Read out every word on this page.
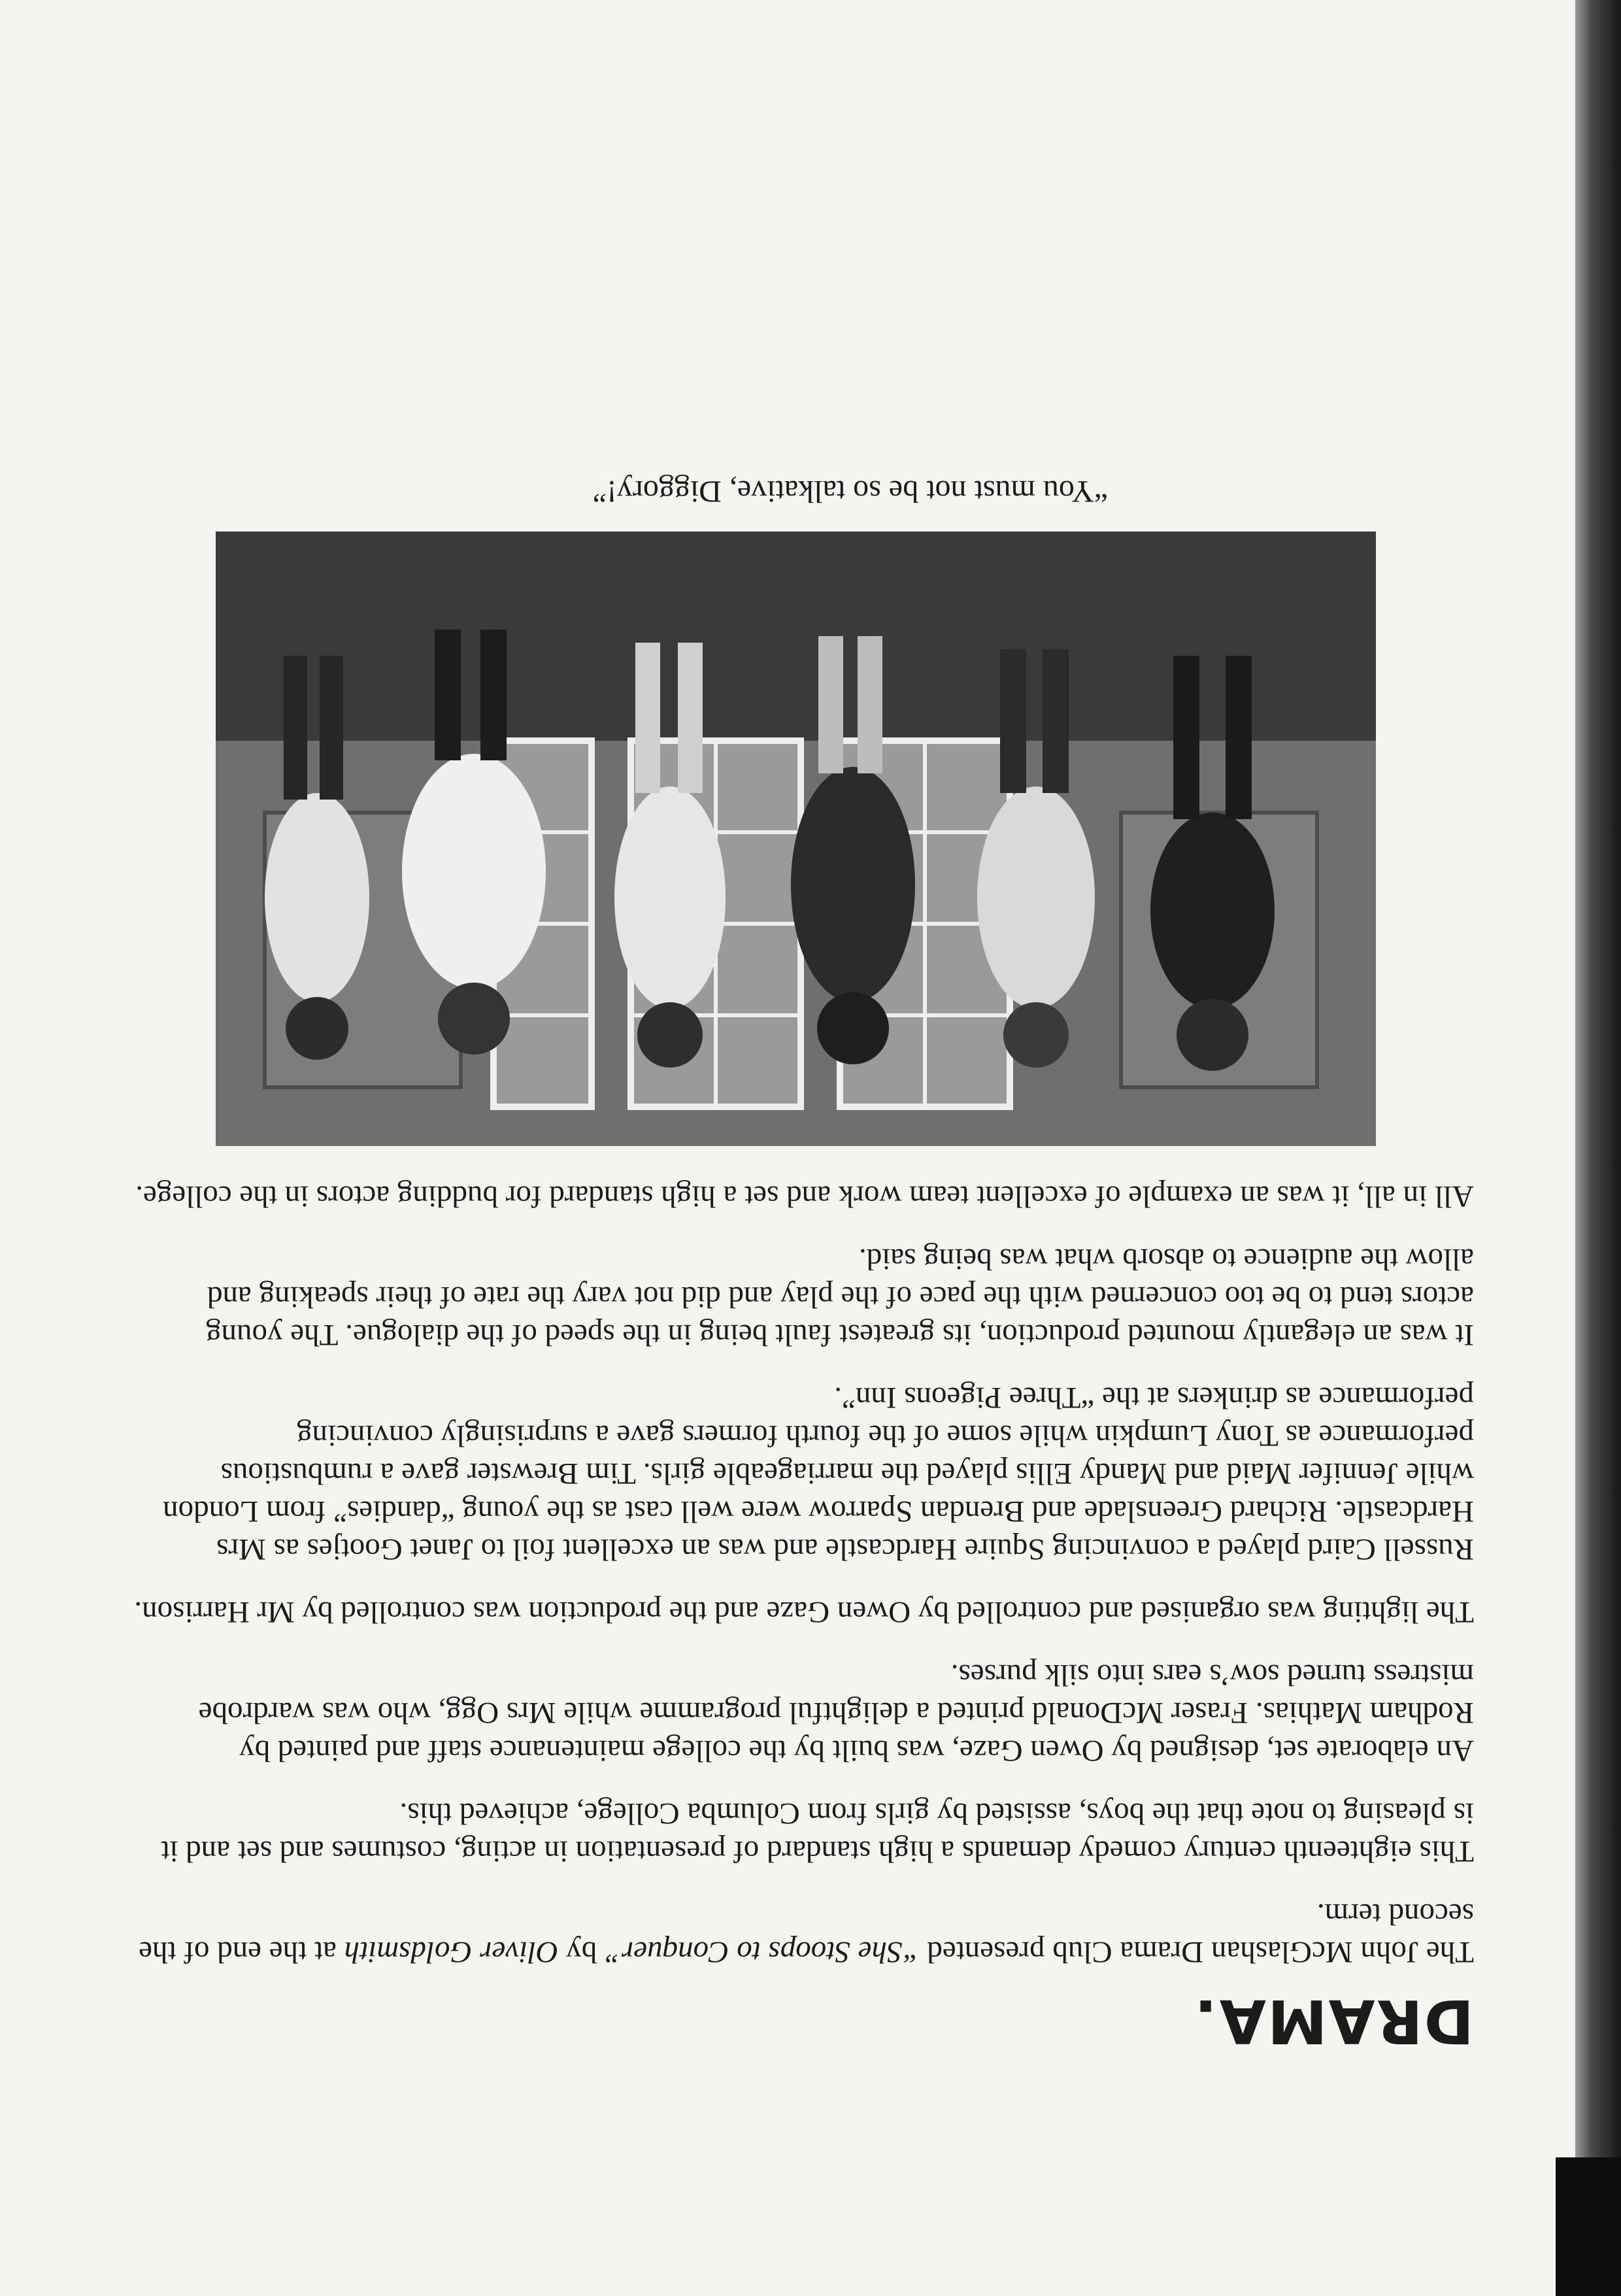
DRAMA.

The John McGlashan Drama Club presented “She Stoops to Conquer” by Oliver Goldsmith at the end of the second term.

This eighteenth century comedy demands a high standard of presentation in acting, costumes and set and it is pleasing to note that the boys, assisted by girls from Columba College, achieved this.

An elaborate set, designed by Owen Gaze, was built by the college maintenance staff and painted by Rodham Mathias. Fraser McDonald printed a delightful programme while Mrs Ogg, who was wardrobe mistress turned sow’s ears into silk purses.

The lighting was organised and controlled by Owen Gaze and the production was controlled by Mr Harrison.

Russell Caird played a convincing Squire Hardcastle and was an excellent foil to Janet Gootjes as Mrs Hardcastle. Richard Greenslade and Brendan Sparrow were well cast as the young “dandies” from London while Jennifer Maid and Mandy Ellis played the marriageable girls. Tim Brewster gave a rumbustious performance as Tony Lumpkin while some of the fourth formers gave a surprisingly convincing performance as drinkers at the “Three Pigeons Inn”.

It was an elegantly mounted production, its greatest fault being in the speed of the dialogue. The young actors tend to be too concerned with the pace of the play and did not vary the rate of their speaking and allow the audience to absorb what was being said.

All in all, it was an example of excellent team work and set a high standard for budding actors in the college.

“You must not be so talkative, Diggory!”
